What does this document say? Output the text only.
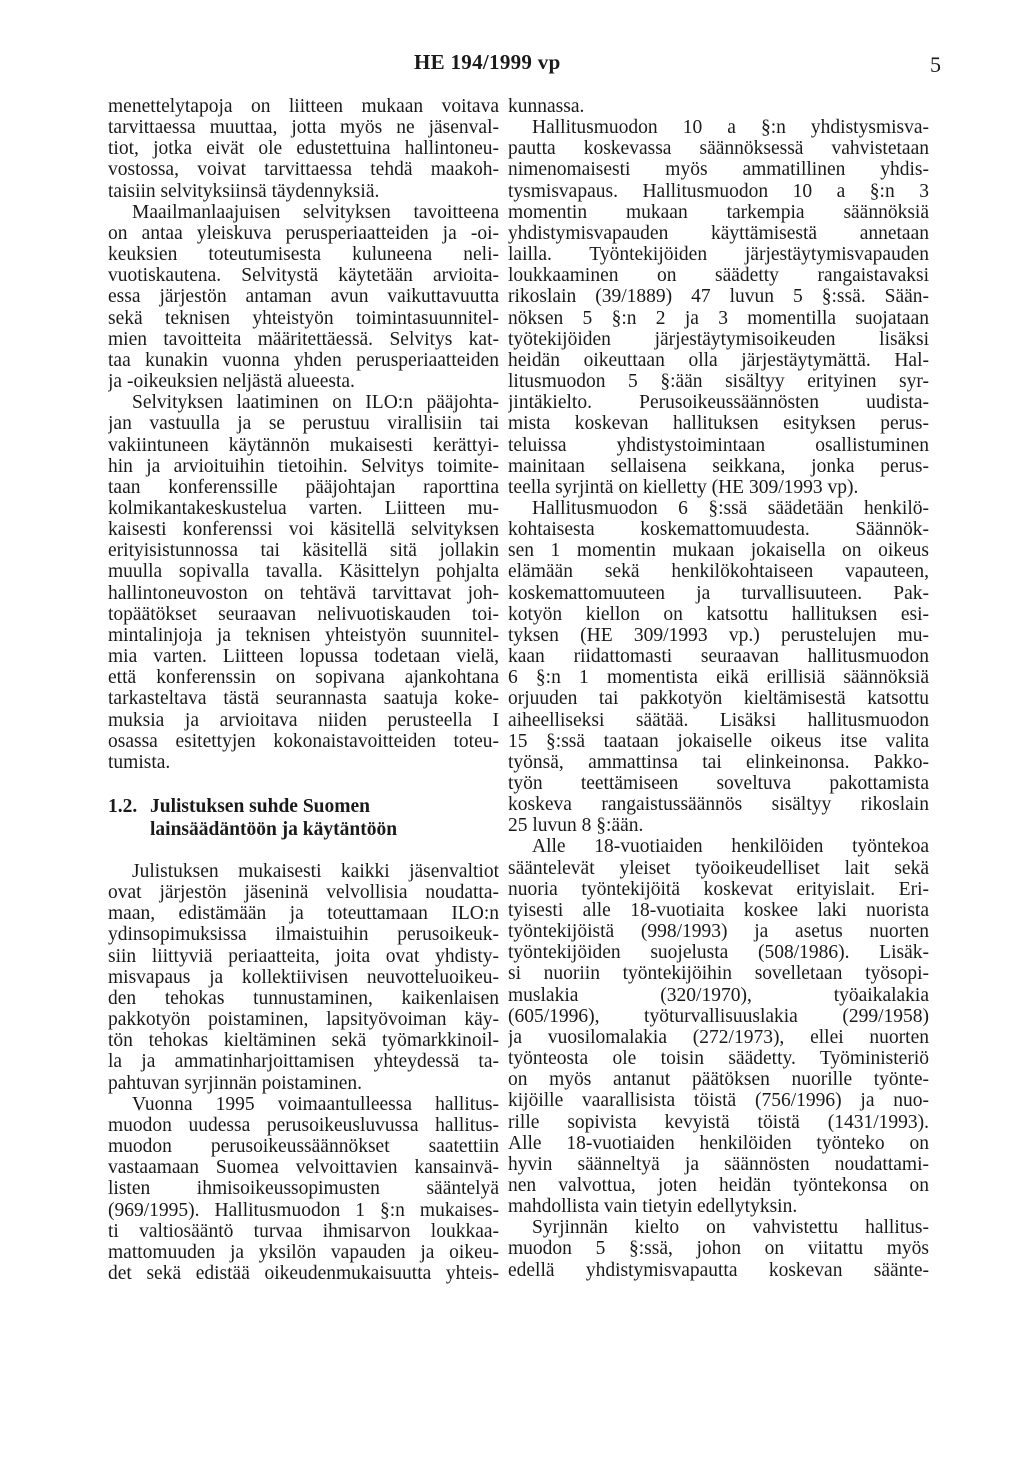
HE 194/1999 vp	5
menettelytapoja on liitteen mukaan voitava
tarvittaessa muuttaa, jotta myös ne jäsenval-
tiot, jotka eivät ole edustettuina hallintoneu-
vostossa, voivat tarvittaessa tehdä maakoh-
taisiin selvityksiinsä täydennyksiä.
Maailmanlaajuisen selvityksen tavoitteena
on antaa yleiskuva perusperiaatteiden ja -oi-
keuksien toteutumisesta kuluneena neli-
vuotiskautena. Selvitystä käytetään arvioita-
essa järjestön antaman avun vaikuttavuutta
sekä teknisen yhteistyön toimintasuunnitel-
mien tavoitteita määritettäessä. Selvitys kat-
taa kunakin vuonna yhden perusperiaatteiden
ja -oikeuksien neljästä alueesta.
Selvityksen laatiminen on ILO:n pääjohta-
jan vastuulla ja se perustuu virallisiin tai
vakiintuneen käytännön mukaisesti kerättyi-
hin ja arvioituihin tietoihin. Selvitys toimite-
taan konferenssille pääjohtajan raporttina
kolmikantakeskustelua varten. Liitteen mu-
kaisesti konferenssi voi käsitellä selvityksen
erityisistunnossa tai käsitellä sitä jollakin
muulla sopivalla tavalla. Käsittelyn pohjalta
hallintoneuvoston on tehtävä tarvittavat joh-
topäätökset seuraavan nelivuotiskauden toi-
mintalinjoja ja teknisen yhteistyön suunnitel-
mia varten. Liitteen lopussa todetaan vielä,
että konferenssin on sopivana ajankohtana
tarkasteltava tästä seurannasta saatuja koke-
muksia ja arvioitava niiden perusteella I
osassa esitettyjen kokonaistavoitteiden toteu-
tumista.
1.2. Julistuksen suhde Suomen
lainsäädäntöön ja käytäntöön
Julistuksen mukaisesti kaikki jäsenvaltiot
ovat järjestön jäseninä velvollisia noudatta-
maan, edistämään ja toteuttamaan ILO:n
ydinsopimuksissa ilmaistuihin perusoikeuk-
siin liittyviä periaatteita, joita ovat yhdisty-
misvapaus ja kollektiivisen neuvotteluoikeu-
den tehokas tunnustaminen, kaikenlaisen
pakkotyön poistaminen, lapsityövoiman käy-
tön tehokas kieltäminen sekä työmarkkinoil-
la ja ammatinharjoittamisen yhteydessä ta-
pahtuvan syrjinnän poistaminen.
Vuonna 1995 voimaantulleessa hallitus-
muodon uudessa perusoikeusluvussa hallitus-
muodon perusoikeussäännökset saatettiin
vastaamaan Suomea velvoittavien kansainvä-
listen ihmisoikeussopimusten sääntelyä
(969/1995). Hallitusmuodon 1 §:n mukaises-
ti valtiosääntö turvaa ihmisarvon loukkaa-
mattomuuden ja yksilön vapauden ja oikeu-
det sekä edistää oikeudenmukaisuutta yhteis-
kunnassa.
Hallitusmuodon 10 a §:n yhdistysmisva-
pautta koskevassa säännöksessä vahvistetaan
nimenomaisesti myös ammatillinen yhdis-
tysmisvapaus. Hallitusmuodon 10 a §:n 3
momentin mukaan tarkempia säännöksiä
yhdistymisvapauden käyttämisestä annetaan
lailla. Työntekijöiden järjestäytymisvapauden
loukkaaminen on säädetty rangaistavaksi
rikoslain (39/1889) 47 luvun 5 §:ssä. Sään-
nöksen 5 §:n 2 ja 3 momentilla suojataan
työtekijöiden järjestäytymisoikeuden lisäksi
heidän oikeuttaan olla järjestäytymättä. Hal-
litusmuodon 5 §:ään sisältyy erityinen syr-
jintäkielto. Perusoikeussäännösten uudista-
mista koskevan hallituksen esityksen perus-
teluissa yhdistystoimintaan osallistuminen
mainitaan sellaisena seikkana, jonka perus-
teella syrjintä on kielletty (HE 309/1993 vp).
Hallitusmuodon 6 §:ssä säädetään henkilö-
kohtaisesta koskemattomuudesta. Säännök-
sen 1 momentin mukaan jokaisella on oikeus
elämään sekä henkilökohtaiseen vapauteen,
koskemattomuuteen ja turvallisuuteen. Pak-
kotyön kiellon on katsottu hallituksen esi-
tyksen (HE 309/1993 vp.) perustelujen mu-
kaan riidattomasti seuraavan hallitusmuodon
6 §:n 1 momentista eikä erillisiä säännöksiä
orjuuden tai pakkotyön kieltämisestä katsottu
aiheelliseksi säätää. Lisäksi hallitusmuodon
15 §:ssä taataan jokaiselle oikeus itse valita
työnsä, ammattinsa tai elinkeinonsa. Pakko-
työn teettämiseen soveltuva pakottamista
koskeva rangaistussäännös sisältyy rikoslain
25 luvun 8 §:ään.
Alle 18-vuotiaiden henkilöiden työntekoa
sääntelevät yleiset työoikeudelliset lait sekä
nuoria työntekijöitä koskevat erityislait. Eri-
tyisesti alle 18-vuotiaita koskee laki nuorista
työntekijöistä (998/1993) ja asetus nuorten
työntekijöiden suojelusta (508/1986). Lisäk-
si nuoriin työntekijöihin sovelletaan työsopi-
muslakia (320/1970), työaikalakia
(605/1996), työturvallisuuslakia (299/1958)
ja vuosilomalakia (272/1973), ellei nuorten
työnteosta ole toisin säädetty. Työministeriö
on myös antanut päätöksen nuorille työnte-
kijöille vaarallisista töistä (756/1996) ja nuo-
rille sopivista kevyistä töistä (1431/1993).
Alle 18-vuotiaiden henkilöiden työnteko on
hyvin säänneltyä ja säännösten noudattami-
nen valvottua, joten heidän työntekonsa on
mahdollista vain tietyin edellytyksin.
Syrjinnän kielto on vahvistettu hallitus-
muodon 5 §:ssä, johon on viitattu myös
edellä yhdistymisvapautta koskevan säänte-
